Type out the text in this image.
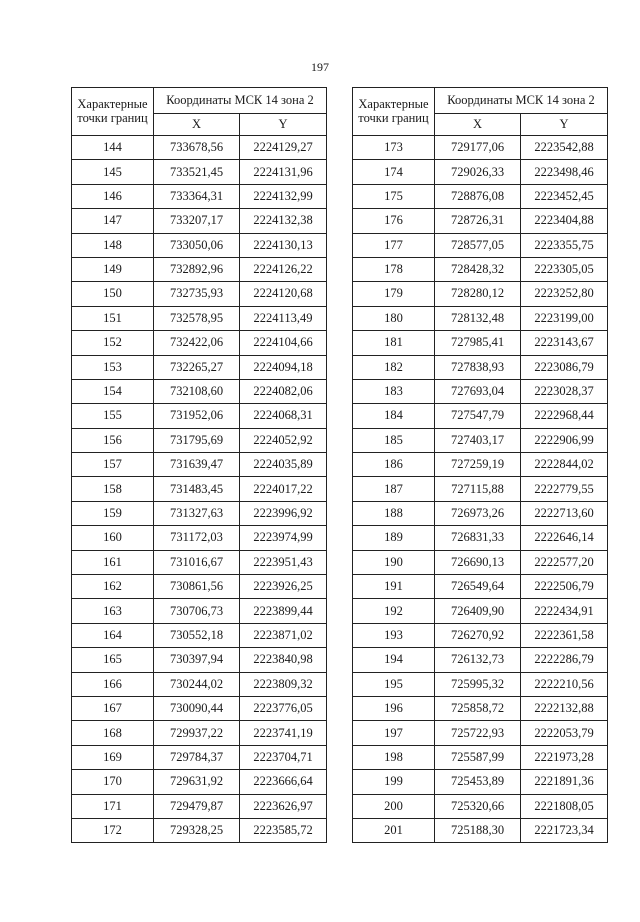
197
Характерные
точки границ	Координаты МСК 14 зона 2	
	X	Y
144	733678,56	2224129,27
145	733521,45	2224131,96
146	733364,31	2224132,99
147	733207,17	2224132,38
148	733050,06	2224130,13
149	732892,96	2224126,22
150	732735,93	2224120,68
151	732578,95	2224113,49
152	732422,06	2224104,66
153	732265,27	2224094,18
154	732108,60	2224082,06
155	731952,06	2224068,31
156	731795,69	2224052,92
157	731639,47	2224035,89
158	731483,45	2224017,22
159	731327,63	2223996,92
160	731172,03	2223974,99
161	731016,67	2223951,43
162	730861,56	2223926,25
163	730706,73	2223899,44
164	730552,18	2223871,02
165	730397,94	2223840,98
166	730244,02	2223809,32
167	730090,44	2223776,05
168	729937,22	2223741,19
169	729784,37	2223704,71
170	729631,92	2223666,64
171	729479,87	2223626,97
172	729328,25	2223585,72
Характерные
точки границ	Координаты МСК 14 зона 2	
	X	Y
173	729177,06	2223542,88
174	729026,33	2223498,46
175	728876,08	2223452,45
176	728726,31	2223404,88
177	728577,05	2223355,75
178	728428,32	2223305,05
179	728280,12	2223252,80
180	728132,48	2223199,00
181	727985,41	2223143,67
182	727838,93	2223086,79
183	727693,04	2223028,37
184	727547,79	2222968,44
185	727403,17	2222906,99
186	727259,19	2222844,02
187	727115,88	2222779,55
188	726973,26	2222713,60
189	726831,33	2222646,14
190	726690,13	2222577,20
191	726549,64	2222506,79
192	726409,90	2222434,91
193	726270,92	2222361,58
194	726132,73	2222286,79
195	725995,32	2222210,56
196	725858,72	2222132,88
197	725722,93	2222053,79
198	725587,99	2221973,28
199	725453,89	2221891,36
200	725320,66	2221808,05
201	725188,30	2221723,34
